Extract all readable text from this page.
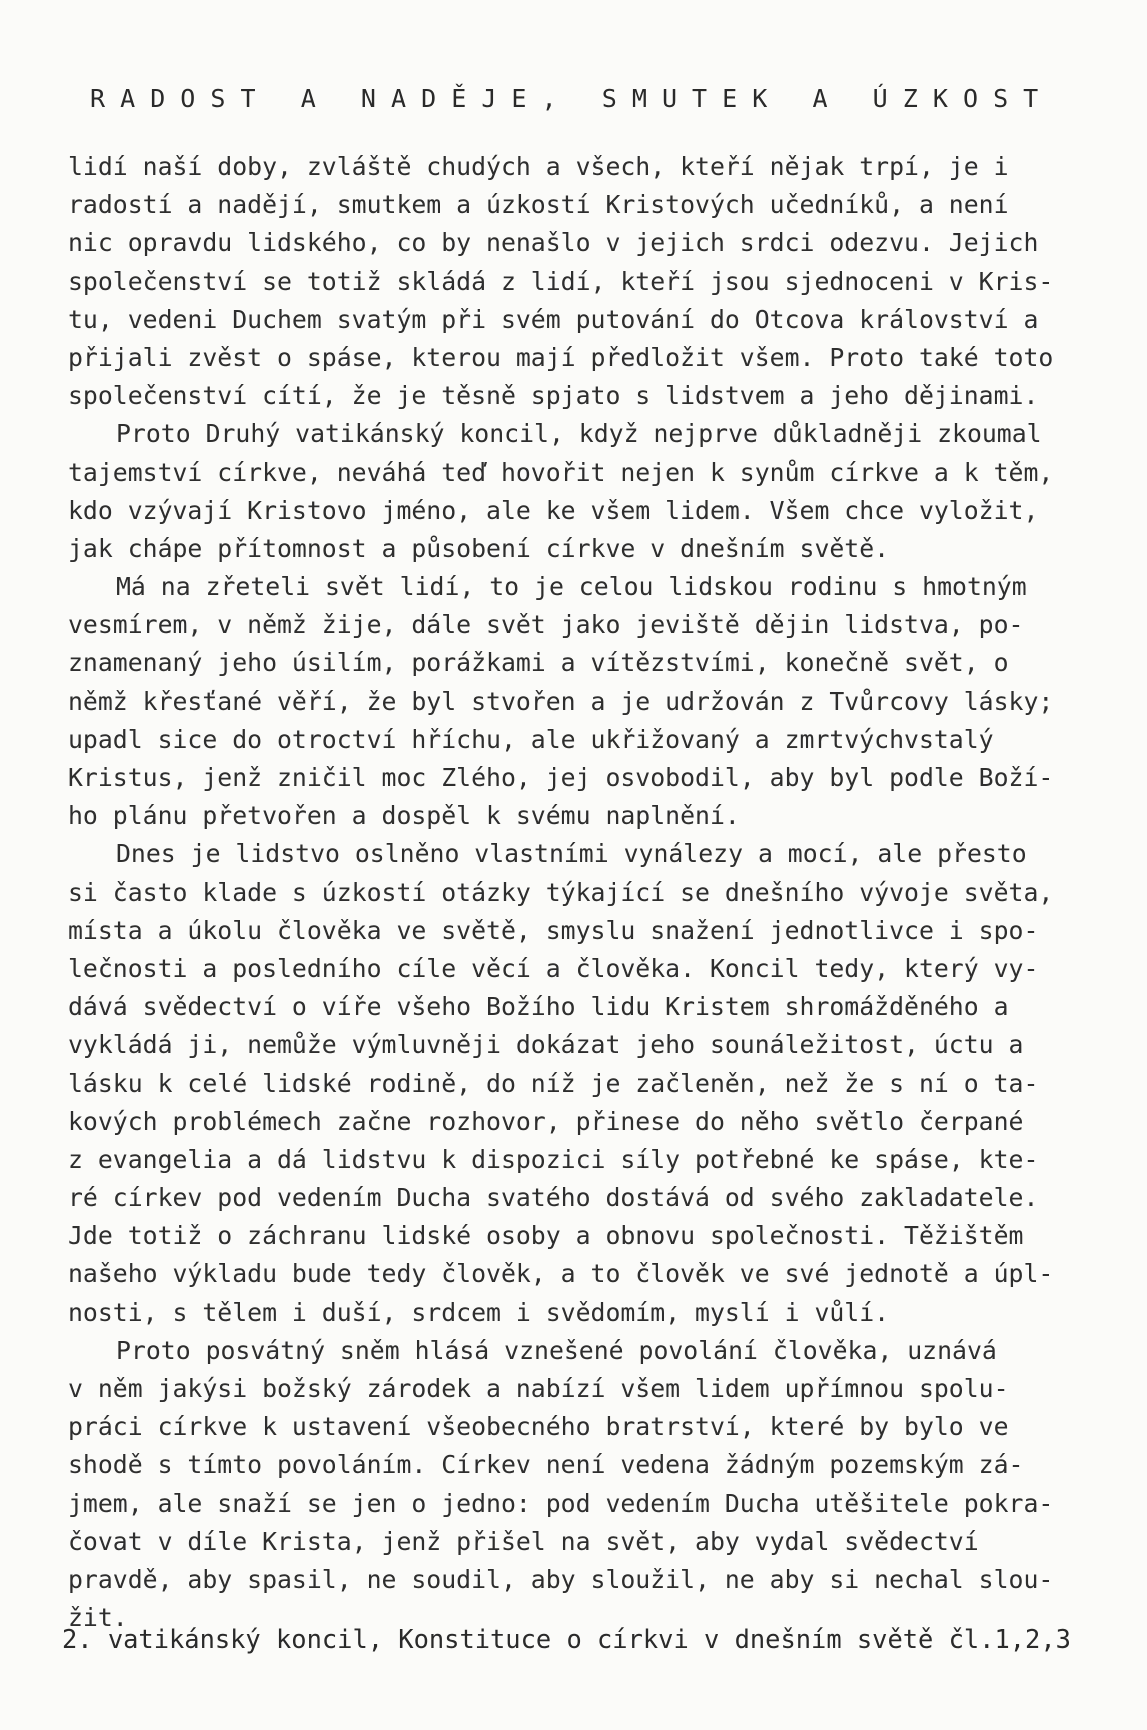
R A D O S T   A   N A D Ě J E ,   S M U T E K   A   Ú Z K O S T
lidí naší doby, zvláště chudých a všech, kteří nějak trpí, je i
radostí a nadějí, smutkem a úzkostí Kristových učedníků, a není
nic opravdu lidského, co by nenašlo v jejich srdci odezvu. Jejich
společenství se totiž skládá z lidí, kteří jsou sjednoceni v Kris-
tu, vedeni Duchem svatým při svém putování do Otcova království a
přijali zvěst o spáse, kterou mají předložit všem. Proto také toto
společenství cítí, že je těsně spjato s lidstvem a jeho dějinami.
Proto Druhý vatikánský koncil, když nejprve důkladněji zkoumal
tajemství církve, neváhá teď hovořit nejen k synům církve a k těm,
kdo vzývají Kristovo jméno, ale ke všem lidem. Všem chce vyložit,
jak chápe přítomnost a působení církve v dnešním světě.
Má na zřeteli svět lidí, to je celou lidskou rodinu s hmotným
vesmírem, v němž žije, dále svět jako jeviště dějin lidstva, po-
znamenaný jeho úsilím, porážkami a vítězstvími, konečně svět, o
němž křesťané věří, že byl stvořen a je udržován z Tvůrcovy lásky;
upadl sice do otroctví hříchu, ale ukřižovaný a zmrtvýchvstalý
Kristus, jenž zničil moc Zlého, jej osvobodil, aby byl podle Boží-
ho plánu přetvořen a dospěl k svému naplnění.
Dnes je lidstvo oslněno vlastními vynálezy a mocí, ale přesto
si často klade s úzkostí otázky týkající se dnešního vývoje světa,
místa a úkolu člověka ve světě, smyslu snažení jednotlivce i spo-
lečnosti a posledního cíle věcí a člověka. Koncil tedy, který vy-
dává svědectví o víře všeho Božího lidu Kristem shromážděného a
vykládá ji, nemůže výmluvněji dokázat jeho sounáležitost, úctu a
lásku k celé lidské rodině, do níž je začleněn, než že s ní o ta-
kových problémech začne rozhovor, přinese do něho světlo čerpané
z evangelia a dá lidstvu k dispozici síly potřebné ke spáse, kte-
ré církev pod vedením Ducha svatého dostává od svého zakladatele.
Jde totiž o záchranu lidské osoby a obnovu společnosti. Těžištěm
našeho výkladu bude tedy člověk, a to člověk ve své jednotě a úpl-
nosti, s tělem i duší, srdcem i svědomím, myslí i vůlí.
Proto posvátný sněm hlásá vznešené povolání člověka, uznává
v něm jakýsi božský zárodek a nabízí všem lidem upřímnou spolu-
práci církve k ustavení všeobecného bratrství, které by bylo ve
shodě s tímto povoláním. Církev není vedena žádným pozemským zá-
jmem, ale snaží se jen o jedno: pod vedením Ducha utěšitele pokra-
čovat v díle Krista, jenž přišel na svět, aby vydal svědectví
pravdě, aby spasil, ne soudil, aby sloužil, ne aby si nechal slou-
žit.
2. vatikánský koncil, Konstituce o církvi v dnešním světě čl.1,2,3
